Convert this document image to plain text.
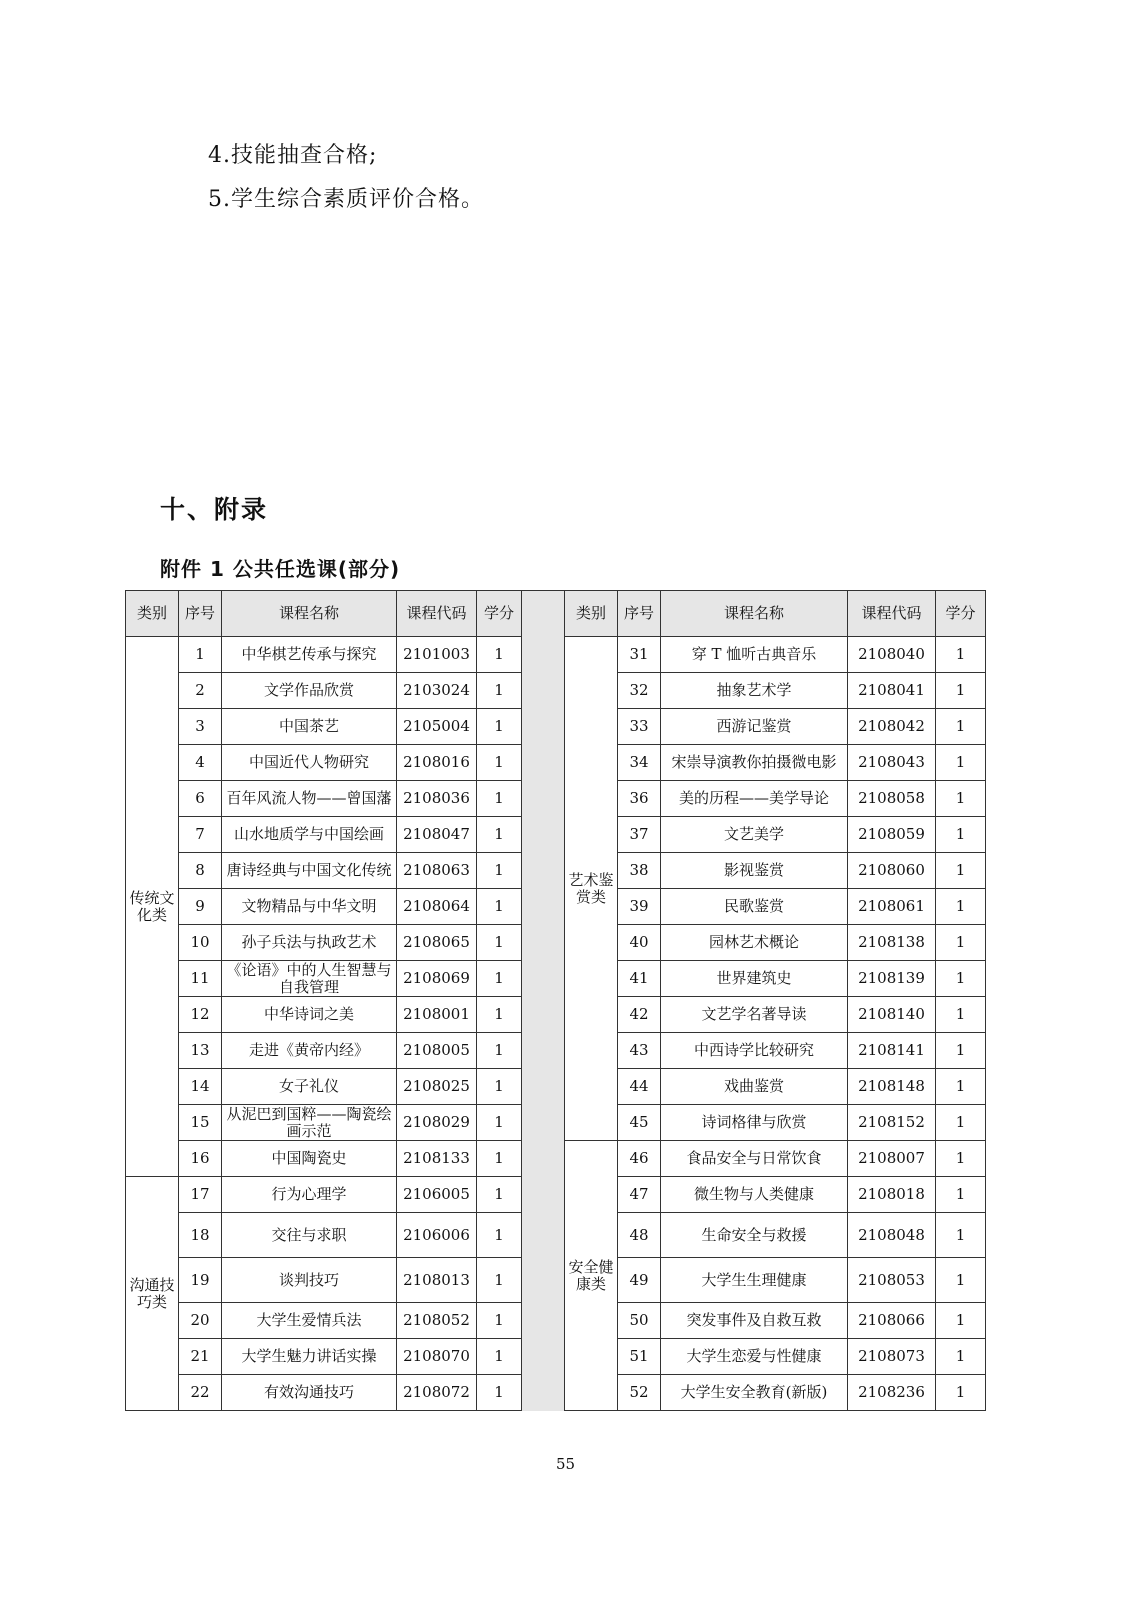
4.技能抽查合格;
5.学生综合素质评价合格。
十、附录
附件 1 公共任选课(部分)
类别	序号	课程名称	课程代码	学分		类别	序号	课程名称	课程代码	学分
传统文化类	1	中华棋艺传承与探究	2101003	1		艺术鉴赏类	31	穿 T 恤听古典音乐	2108040	1
	2	文学作品欣赏	2103024	1			32	抽象艺术学	2108041	1
	3	中国茶艺	2105004	1			33	西游记鉴赏	2108042	1
	4	中国近代人物研究	2108016	1			34	宋崇导演教你拍摄微电影	2108043	1
	6	百年风流人物——曾国藩	2108036	1			36	美的历程——美学导论	2108058	1
	7	山水地质学与中国绘画	2108047	1			37	文艺美学	2108059	1
	8	唐诗经典与中国文化传统	2108063	1			38	影视鉴赏	2108060	1
	9	文物精品与中华文明	2108064	1			39	民歌鉴赏	2108061	1
	10	孙子兵法与执政艺术	2108065	1			40	园林艺术概论	2108138	1
	11	《论语》中的人生智慧与自我管理	2108069	1			41	世界建筑史	2108139	1
	12	中华诗词之美	2108001	1			42	文艺学名著导读	2108140	1
	13	走进《黄帝内经》	2108005	1			43	中西诗学比较研究	2108141	1
	14	女子礼仪	2108025	1			44	戏曲鉴赏	2108148	1
	15	从泥巴到国粹——陶瓷绘画示范	2108029	1			45	诗词格律与欣赏	2108152	1
	16	中国陶瓷史	2108133	1		安全健康类	46	食品安全与日常饮食	2108007	1
沟通技巧类	17	行为心理学	2106005	1			47	微生物与人类健康	2108018	1
	18	交往与求职	2106006	1			48	生命安全与救援	2108048	1
	19	谈判技巧	2108013	1			49	大学生生理健康	2108053	1
	20	大学生爱情兵法	2108052	1			50	突发事件及自救互救	2108066	1
	21	大学生魅力讲话实操	2108070	1			51	大学生恋爱与性健康	2108073	1
	22	有效沟通技巧	2108072	1			52	大学生安全教育(新版)	2108236	1
55
